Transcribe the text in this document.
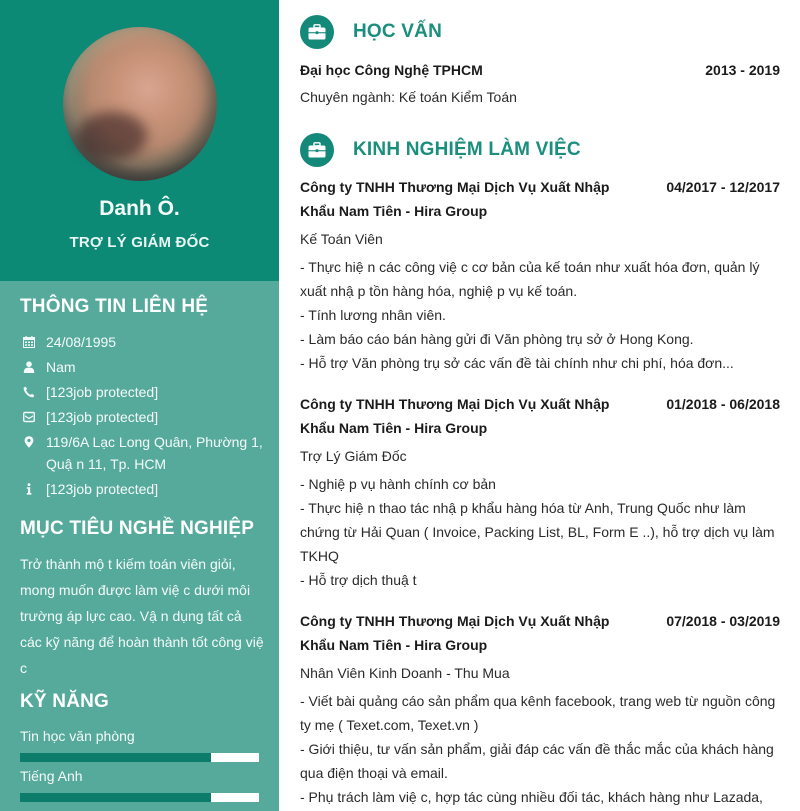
Danh Ô.
TRỢ LÝ GIÁM ĐỐC
THÔNG TIN LIÊN HỆ
24/08/1995
Nam
[123job protected]
[123job protected]
119/6A Lạc Long Quân, Phường 1, Quậ n 11, Tp. HCM
[123job protected]
MỤC TIÊU NGHỀ NGHIỆP
Trở thành mộ t kiếm toán viên giỏi, mong muốn được làm việ c dưới môi trường áp lực cao. Vậ n dụng tất cả các kỹ năng để hoàn thành tốt công việ c
KỸ NĂNG
Tin học văn phòng
Tiếng Anh
HỌC VẤN
Đại học Công Nghệ TPHCM	2013 - 2019
Chuyên ngành: Kế toán Kiểm Toán
KINH NGHIỆM LÀM VIỆC
Công ty TNHH Thương Mại Dịch Vụ Xuất Nhập Khẩu Nam Tiên - Hira Group
04/2017 - 12/2017
Kế Toán Viên
- Thực hiệ n các công việ c cơ bản của kế toán như xuất hóa đơn, quản lý xuất nhậ p tồn hàng hóa, nghiệ p vụ kế toán.
- Tính lương nhân viên.
- Làm báo cáo bán hàng gửi đi Văn phòng trụ sở ở Hong Kong.
- Hỗ trợ Văn phòng trụ sở các vấn đề tài chính như chi phí, hóa đơn...
Công ty TNHH Thương Mại Dịch Vụ Xuất Nhập Khẩu Nam Tiên - Hira Group
01/2018 - 06/2018
Trợ Lý Giám Đốc
- Nghiệ p vụ hành chính cơ bản
- Thực hiệ n thao tác nhậ p khẩu hàng hóa từ Anh, Trung Quốc như làm chứng từ Hải Quan ( Invoice, Packing List, BL, Form E ..), hỗ trợ dịch vụ làm TKHQ
- Hỗ trợ dịch thuậ t
Công ty TNHH Thương Mại Dịch Vụ Xuất Nhập Khẩu Nam Tiên - Hira Group
07/2018 - 03/2019
Nhân Viên Kinh Doanh - Thu Mua
- Viết bài quảng cáo sản phẩm qua kênh facebook, trang web từ nguồn công ty mẹ ( Texet.com, Texet.vn )
- Giới thiệu, tư vấn sản phẩm, giải đáp các vấn đề thắc mắc của khách hàng qua điện thoại và email.
- Phụ trách làm việ c, hợp tác cùng nhiều đối tác, khách hàng như Lazada,
